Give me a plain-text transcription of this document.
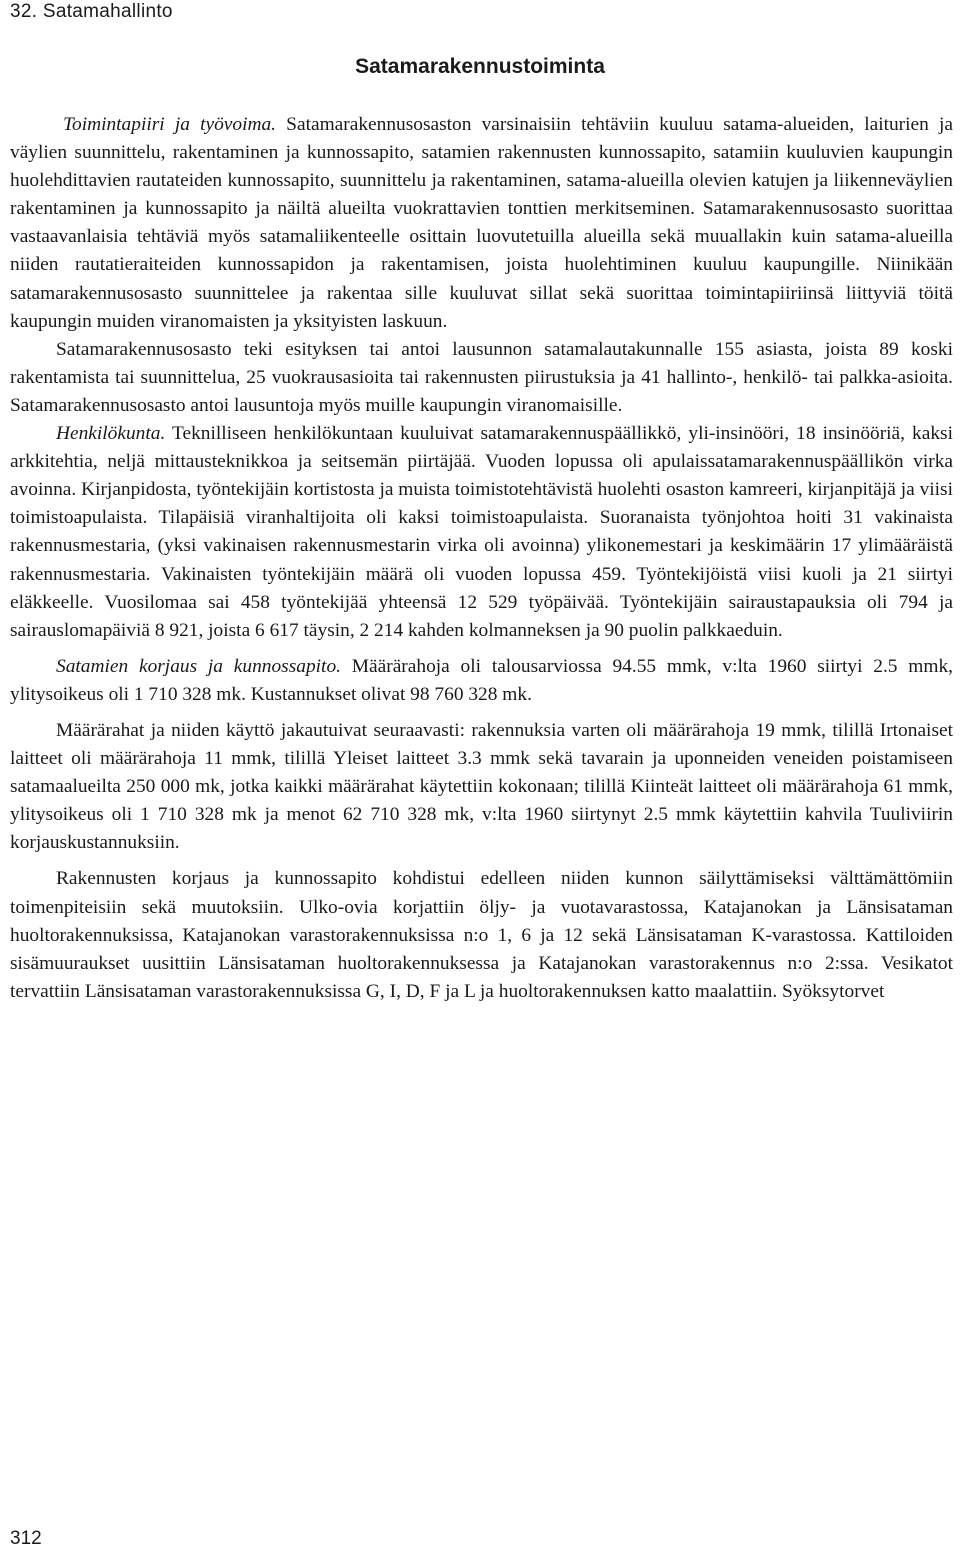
32. Satamahallinto
Satamarakennustoiminta

Toimintapiiri ja työvoima. Satamarakennusosaston varsinaisiin tehtäviin kuuluu satama-alueiden, laiturien ja väylien suunnittelu, rakentaminen ja kunnossapito, satamien rakennusten kunnossapito, satamiin kuuluvien kaupungin huolehdittavien rautateiden kunnossapito, suunnittelu ja rakentaminen, satama-alueilla olevien katujen ja liikenneväylien rakentaminen ja kunnossapito ja näiltä alueilta vuokrattavien tonttien merkitseminen. Satamarakennusosasto suorittaa vastaavanlaisia tehtäviä myös satamaliikenteelle osittain luovutetuilla alueilla sekä muuallakin kuin satama-alueilla niiden rautatieraiteiden kunnossapidon ja rakentamisen, joista huolehtiminen kuuluu kaupungille. Niinikään satamarakennusosasto suunnittelee ja rakentaa sille kuuluvat sillat sekä suorittaa toimintapiiriinsä liittyviä töitä kaupungin muiden viranomaisten ja yksityisten laskuun.

Satamarakennusosasto teki esityksen tai antoi lausunnon satamalautakunnalle 155 asiasta, joista 89 koski rakentamista tai suunnittelua, 25 vuokrausasioita tai rakennusten piirustuksia ja 41 hallinto-, henkilö- tai palkka-asioita. Satamarakennusosasto antoi lausuntoja myös muille kaupungin viranomaisille.

Henkilökunta. Teknilliseen henkilökuntaan kuuluivat satamarakennuspäällikkö, yli-insinööri, 18 insinööriä, kaksi arkkitehtia, neljä mittausteknikkoa ja seitsemän piirtäjää. Vuoden lopussa oli apulaissatamarakennuspäällikön virka avoinna. Kirjanpidosta, työntekijäin kortistosta ja muista toimistotehtävistä huolehti osaston kamreeri, kirjanpitäjä ja viisi toimistoapulaista. Tilapäisiä viranhaltijoita oli kaksi toimistoapulaista. Suoranaista työnjohtoa hoiti 31 vakinaista rakennusmestaria, (yksi vakinaisen rakennusmestarin virka oli avoinna) ylikonemestari ja keskimäärin 17 ylimääräistä rakennusmestaria. Vakinaisten työntekijäin määrä oli vuoden lopussa 459. Työntekijöistä viisi kuoli ja 21 siirtyi eläkkeelle. Vuosilomaa sai 458 työntekijää yhteensä 12 529 työpäivää. Työntekijäin sairaustapauksia oli 794 ja sairauslomapäiviä 8 921, joista 6 617 täysin, 2 214 kahden kolmanneksen ja 90 puolin palkkaeduin.

Satamien korjaus ja kunnossapito. Määrärahoja oli talousarviossa 94.55 mmk, v:lta 1960 siirtyi 2.5 mmk, ylitysoikeus oli 1 710 328 mk. Kustannukset olivat 98 760 328 mk.

Määrärahat ja niiden käyttö jakautuivat seuraavasti: rakennuksia varten oli määrärahoja 19 mmk, tilillä Irtonaiset laitteet oli määrärahoja 11 mmk, tilillä Yleiset laitteet 3.3 mmk sekä tavarain ja uponneiden veneiden poistamiseen satamaalueilta 250 000 mk, jotka kaikki määrärahat käytettiin kokonaan; tilillä Kiinteät laitteet oli määrärahoja 61 mmk, ylitysoikeus oli 1 710 328 mk ja menot 62 710 328 mk, v:lta 1960 siirtynyt 2.5 mmk käytettiin kahvila Tuuliviirin korjauskustannuksiin.

Rakennusten korjaus ja kunnossapito kohdistui edelleen niiden kunnon säilyttämiseksi välttämättömiin toimenpiteisiin sekä muutoksiin. Ulko-ovia korjattiin öljy- ja vuotavarastossa, Katajanokan ja Länsisataman huoltorakennuksissa, Katajanokan varastorakennuksissa n:o 1, 6 ja 12 sekä Länsisataman K-varastossa. Kattiloiden sisämuuraukset uusittiin Länsisataman huoltorakennuksessa ja Katajanokan varastorakennus n:o 2:ssa. Vesikatot tervattiin Länsisataman varastorakennuksissa G, I, D, F ja L ja huoltorakennuksen katto maalattiin. Syöksytorvet

312
